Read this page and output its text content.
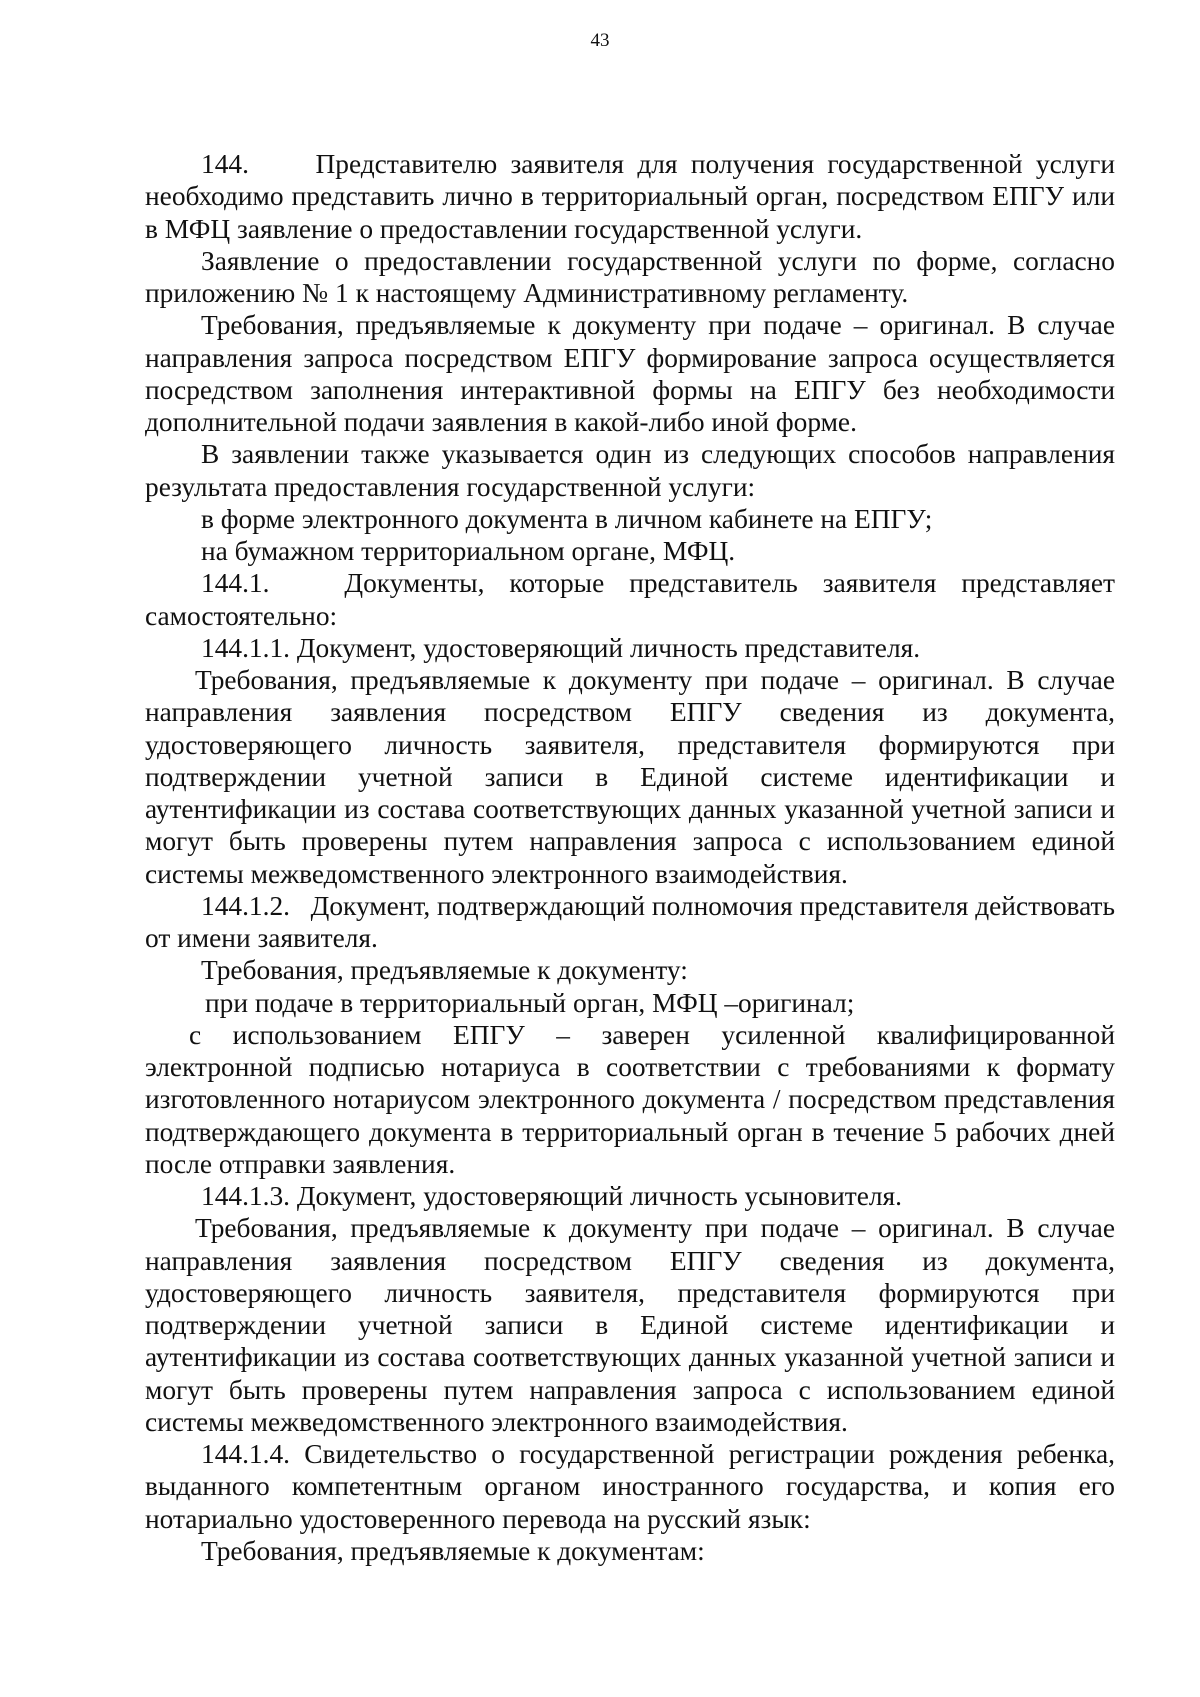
43

144.     Представителю заявителя для получения государственной услуги необходимо представить лично в территориальный орган, посредством ЕПГУ или в МФЦ заявление о предоставлении государственной услуги.

Заявление о предоставлении государственной услуги по форме, согласно приложению № 1 к настоящему Административному регламенту.

Требования, предъявляемые к документу при подаче – оригинал. В случае направления запроса посредством ЕПГУ формирование запроса осуществляется посредством заполнения интерактивной формы на ЕПГУ без необходимости дополнительной подачи заявления в какой-либо иной форме.

В заявлении также указывается один из следующих способов направления результата предоставления государственной услуги:

в форме электронного документа в личном кабинете на ЕПГУ;

на бумажном территориальном органе, МФЦ.

144.1.   Документы, которые представитель заявителя представляет самостоятельно:

144.1.1. Документ, удостоверяющий личность представителя.

Требования, предъявляемые к документу при подаче – оригинал. В случае направления заявления посредством ЕПГУ сведения из документа, удостоверяющего личность заявителя, представителя формируются при подтверждении учетной записи в Единой системе идентификации и аутентификации из состава соответствующих данных указанной учетной записи и могут быть проверены путем направления запроса с использованием единой системы межведомственного электронного взаимодействия.

144.1.2.   Документ, подтверждающий полномочия представителя действовать от имени заявителя.

Требования, предъявляемые к документу:

при подаче в территориальный орган, МФЦ –оригинал;

с использованием ЕПГУ – заверен усиленной квалифицированной электронной подписью нотариуса в соответствии с требованиями к формату изготовленного нотариусом электронного документа / посредством представления подтверждающего документа в территориальный орган в течение 5 рабочих дней после отправки заявления.

144.1.3. Документ, удостоверяющий личность усыновителя.

Требования, предъявляемые к документу при подаче – оригинал. В случае направления заявления посредством ЕПГУ сведения из документа, удостоверяющего личность заявителя, представителя формируются при подтверждении учетной записи в Единой системе идентификации и аутентификации из состава соответствующих данных указанной учетной записи и могут быть проверены путем направления запроса с использованием единой системы межведомственного электронного взаимодействия.

144.1.4. Свидетельство о государственной регистрации рождения ребенка, выданного компетентным органом иностранного государства, и копия его нотариально удостоверенного перевода на русский язык:

Требования, предъявляемые к документам:
